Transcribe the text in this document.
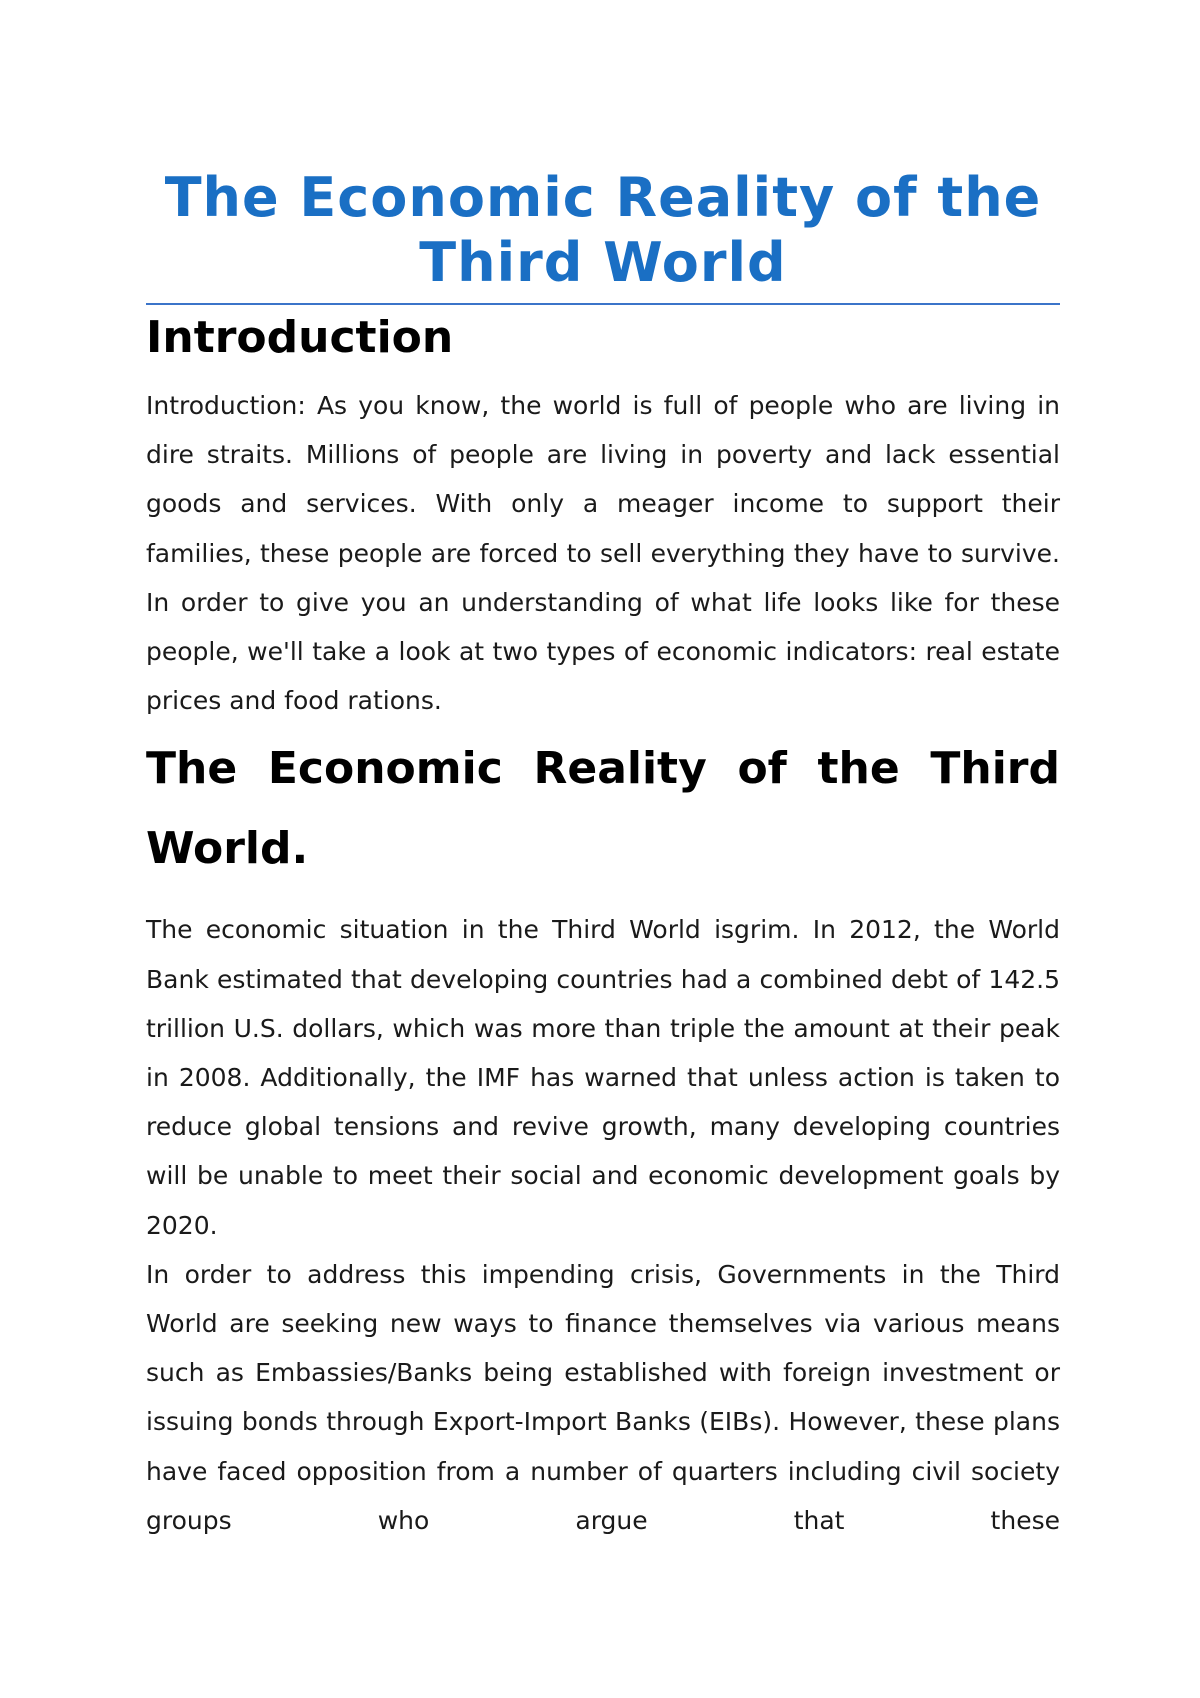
The Economic Reality of the Third World
Introduction

Introduction: As you know, the world is full of people who are living in dire straits. Millions of people are living in poverty and lack essential goods and services. With only a meager income to support their families, these people are forced to sell everything they have to survive. In order to give you an understanding of what life looks like for these people, we'll take a look at two types of economic indicators: real estate prices and food rations.

The Economic Reality of the Third World.

The economic situation in the Third World isgrim. In 2012, the World Bank estimated that developing countries had a combined debt of 142.5 trillion U.S. dollars, which was more than triple the amount at their peak in 2008. Additionally, the IMF has warned that unless action is taken to reduce global tensions and revive growth, many developing countries will be unable to meet their social and economic development goals by 2020.

In order to address this impending crisis, Governments in the Third World are seeking new ways to finance themselves via various means such as Embassies/Banks being established with foreign investment or issuing bonds through Export-Import Banks (EIBs). However, these plans have faced opposition from a number of quarters including civil society groups who argue that these
